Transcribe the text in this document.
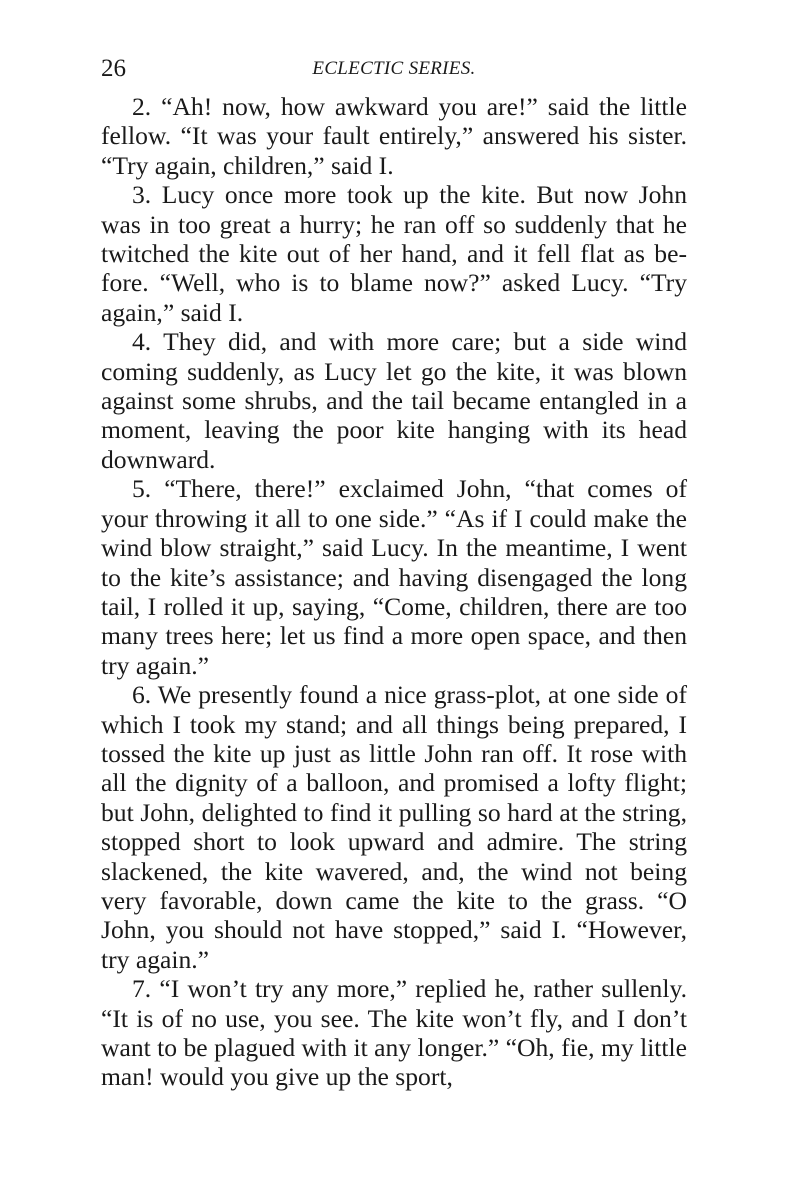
26	ECLECTIC SERIES.

2. “Ah! now, how awkward you are!” said the little fellow. “It was your fault entirely,” answered his sister. “Try again, children,” said I.

3. Lucy once more took up the kite. But now John was in too great a hurry; he ran off so suddenly that he twitched the kite out of her hand, and it fell flat as before. “Well, who is to blame now?” asked Lucy. “Try again,” said I.

4. They did, and with more care; but a side wind coming suddenly, as Lucy let go the kite, it was blown against some shrubs, and the tail became entangled in a moment, leaving the poor kite hanging with its head downward.

5. “There, there!” exclaimed John, “that comes of your throwing it all to one side.” “As if I could make the wind blow straight,” said Lucy. In the meantime, I went to the kite’s assistance; and having disengaged the long tail, I rolled it up, saying, “Come, children, there are too many trees here; let us find a more open space, and then try again.”

6. We presently found a nice grass-plot, at one side of which I took my stand; and all things being prepared, I tossed the kite up just as little John ran off. It rose with all the dignity of a balloon, and promised a lofty flight; but John, delighted to find it pulling so hard at the string, stopped short to look upward and admire. The string slackened, the kite wavered, and, the wind not being very favorable, down came the kite to the grass. “O John, you should not have stopped,” said I. “However, try again.”

7. “I won’t try any more,” replied he, rather sullenly. “It is of no use, you see. The kite won’t fly, and I don’t want to be plagued with it any longer.” “Oh, fie, my little man! would you give up the sport,
